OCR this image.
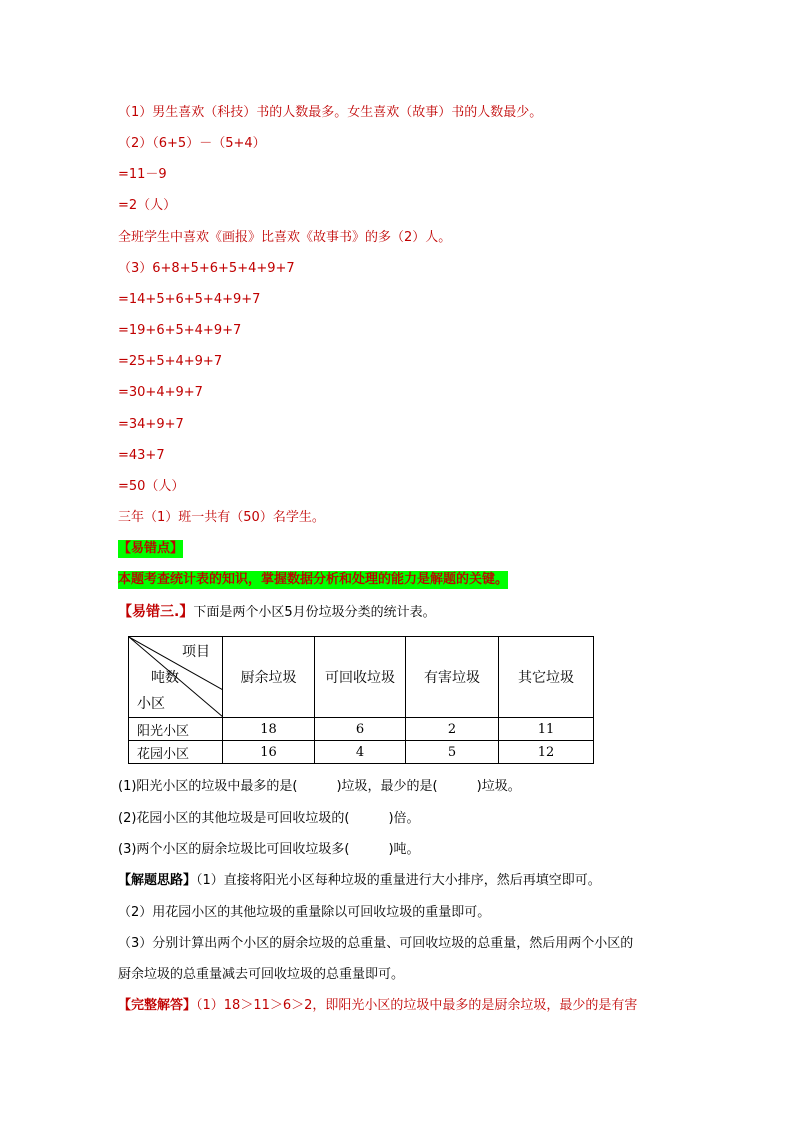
（1）男生喜欢（科技）书的人数最多。女生喜欢（故事）书的人数最少。
（2）（6+5）－（5+4）
=11－9
=2（人）
全班学生中喜欢《画报》比喜欢《故事书》的多（2）人。
（3）6+8+5+6+5+4+9+7
=14+5+6+5+4+9+7
=19+6+5+4+9+7
=25+5+4+9+7
=30+4+9+7
=34+9+7
=43+7
=50（人）
三年（1）班一共有（50）名学生。
【易错点】
本题考查统计表的知识，掌握数据分析和处理的能力是解题的关键。
【易错三.】下面是两个小区5月份垃圾分类的统计表。
项目
吨数
小区	厨余垃圾	可回收垃圾	有害垃圾	其它垃圾
阳光小区	18	6	2	11
花园小区	16	4	5	12
(1)阳光小区的垃圾中最多的是(　　　)垃圾，最少的是(　　　)垃圾。
(2)花园小区的其他垃圾是可回收垃圾的(　　　)倍。
(3)两个小区的厨余垃圾比可回收垃圾多(　　　)吨。
【解题思路】（1）直接将阳光小区每种垃圾的重量进行大小排序，然后再填空即可。
（2）用花园小区的其他垃圾的重量除以可回收垃圾的重量即可。
（3）分别计算出两个小区的厨余垃圾的总重量、可回收垃圾的总重量，然后用两个小区的
厨余垃圾的总重量减去可回收垃圾的总重量即可。
【完整解答】（1）18＞11＞6＞2，即阳光小区的垃圾中最多的是厨余垃圾，最少的是有害
